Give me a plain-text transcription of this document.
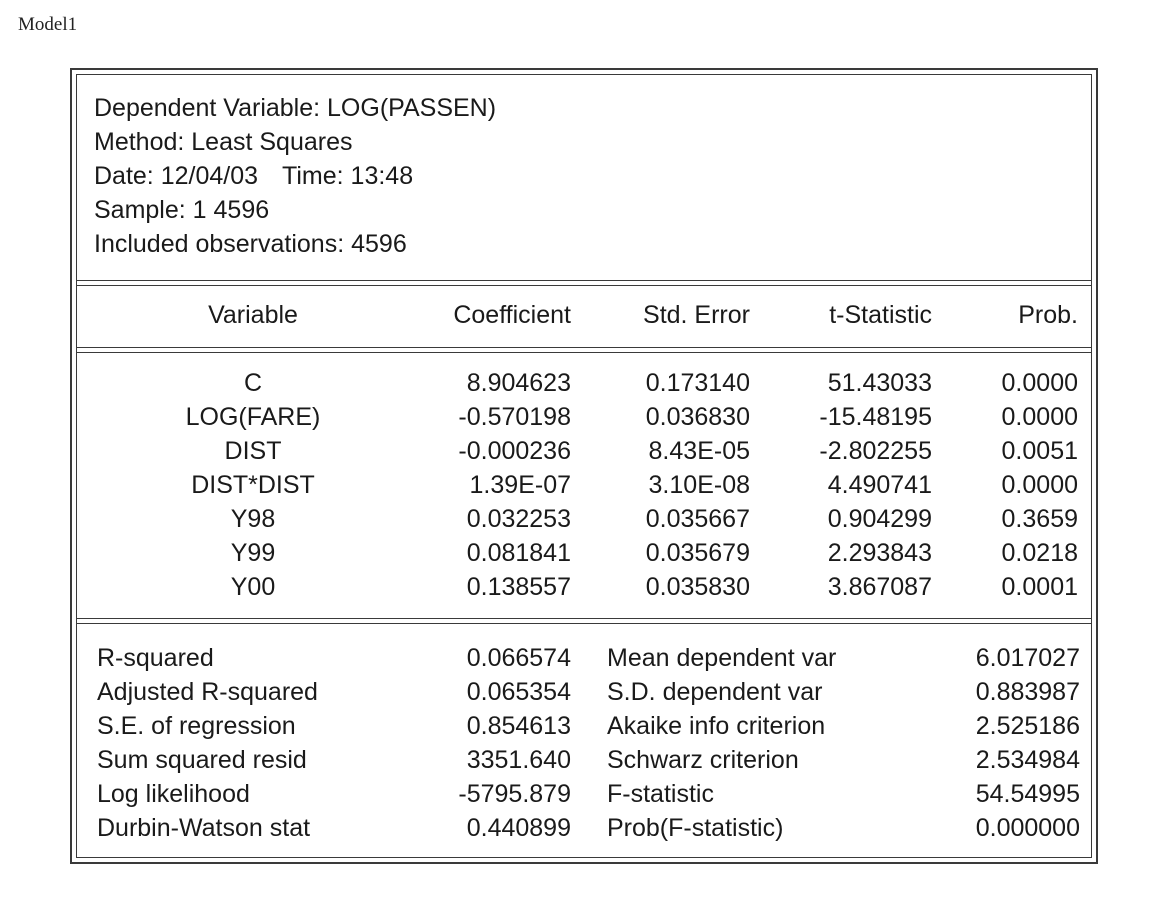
Model1
Dependent Variable: LOG(PASSEN)
Method: Least Squares
Date: 12/04/03 Time: 13:48
Sample: 1 4596
Included observations: 4596
Variable	Coefficient	Std. Error	t-Statistic	Prob.
C	8.904623	0.173140	51.43033	0.0000
LOG(FARE)	-0.570198	0.036830	-15.48195	0.0000
DIST	-0.000236	8.43E-05	-2.802255	0.0051
DIST*DIST	1.39E-07	3.10E-08	4.490741	0.0000
Y98	0.032253	0.035667	0.904299	0.3659
Y99	0.081841	0.035679	2.293843	0.0218
Y00	0.138557	0.035830	3.867087	0.0001
R-squared	0.066574 Mean dependent var	6.017027
Adjusted R-squared	0.065354 S.D. dependent var	0.883987
S.E. of regression	0.854613 Akaike info criterion	2.525186
Sum squared resid	3351.640 Schwarz criterion	2.534984
Log likelihood	-5795.879 F-statistic	54.54995
Durbin-Watson stat	0.440899 Prob(F-statistic)	0.000000
